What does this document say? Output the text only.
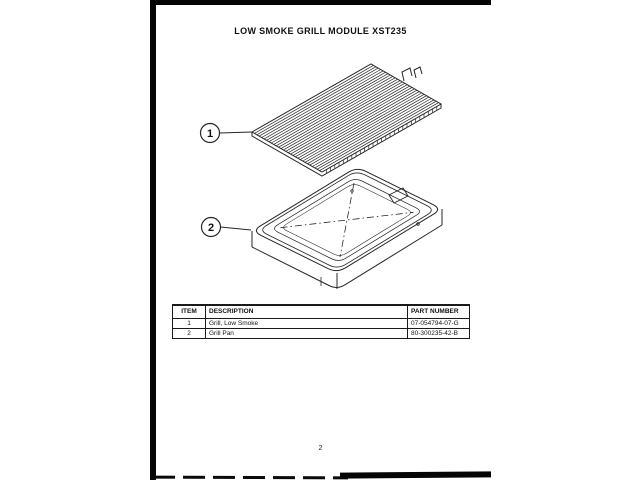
LOW SMOKE GRILL MODULE XST235
1
2
ITEM	DESCRIPTION	PART NUMBER
1	Grill, Low Smoke	07-054794-07-G
2	Grill Pan	80-300235-42-B
2
